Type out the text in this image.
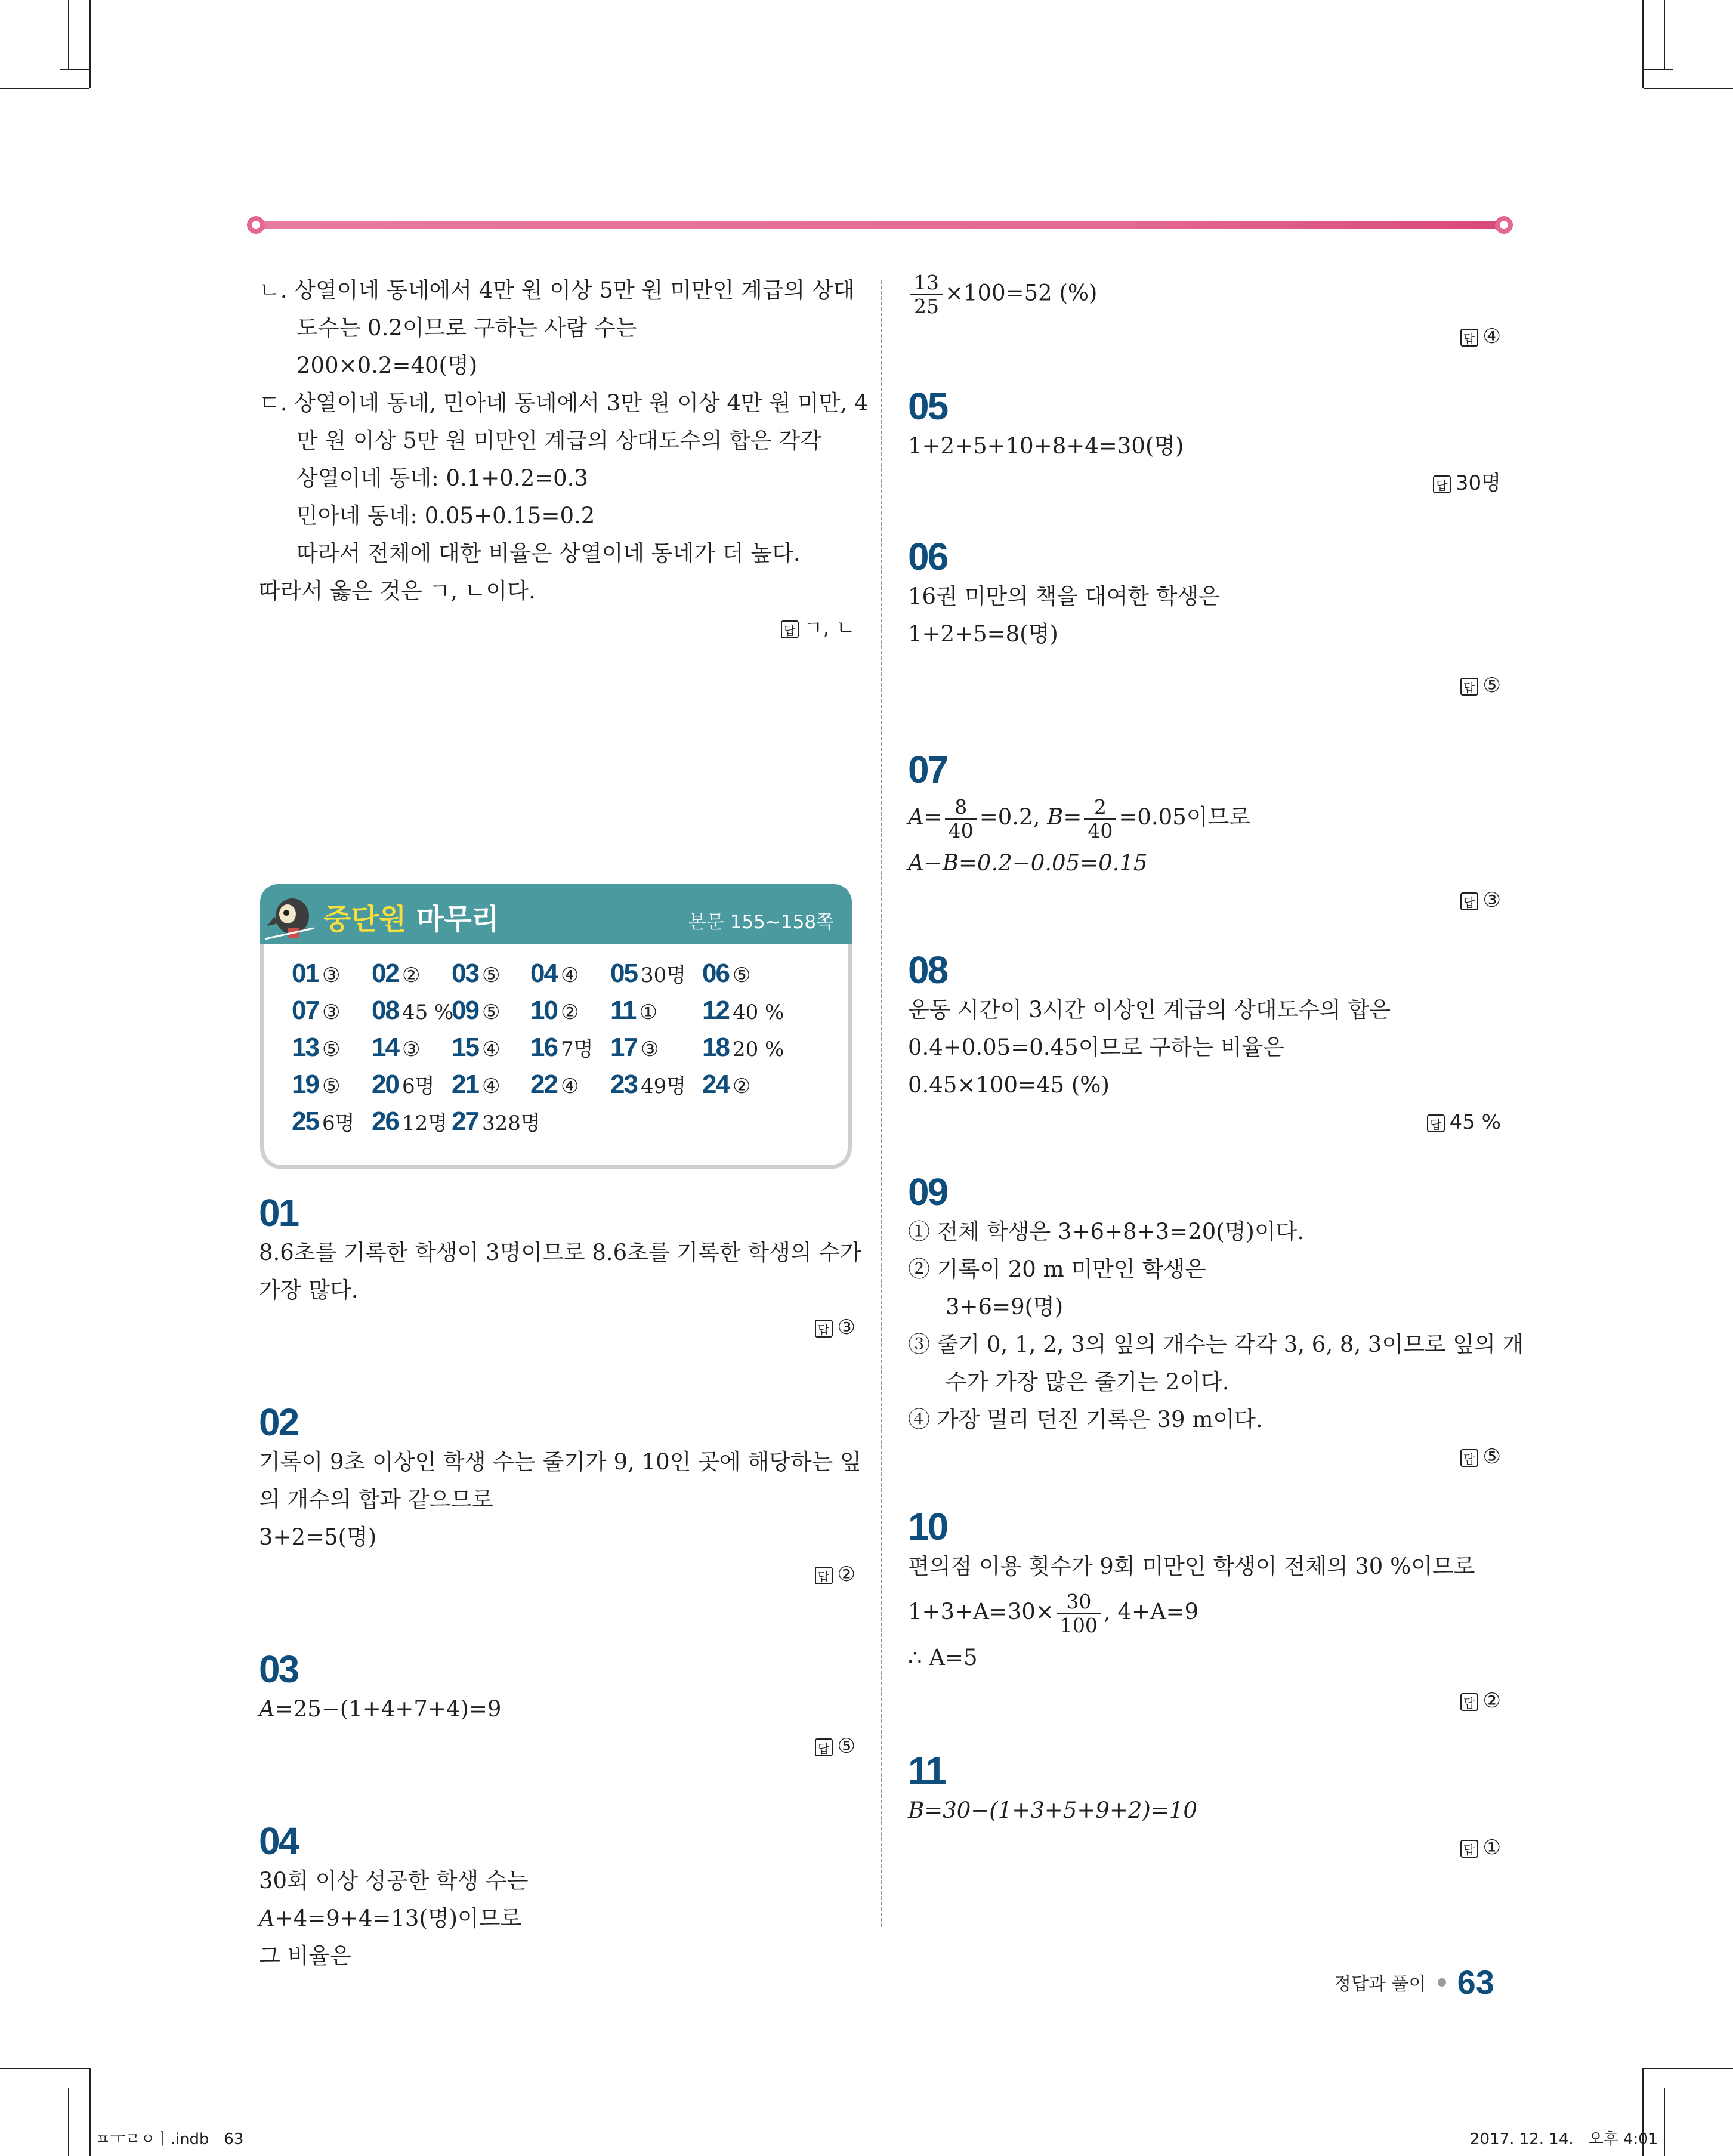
ㄴ. 상열이네 동네에서 4만 원 이상 5만 원 미만인 계급의 상대

도수는 0.2이므로 구하는 사람 수는

200×0.2=40(명)

ㄷ. 상열이네 동네, 민아네 동네에서 3만 원 이상 4만 원 미만, 4

만 원 이상 5만 원 미만인 계급의 상대도수의 합은 각각

상열이네 동네: 0.1+0.2=0.3

민아네 동네: 0.05+0.15=0.2

따라서 전체에 대한 비율은 상열이네 동네가 더 높다.

따라서 옳은 것은 ㄱ, ㄴ이다.

답 ㄱ, ㄴ
중단원 마무리	본문 155~158쪽
01 ③ 02 ② 03 ⑤ 04 ④ 05 30명 06 ⑤
07 ③ 08 45 %
09 ⑤ 10 ② 11 ① 12 40 %
13 ⑤ 14 ③ 15 ④ 16 7명 17 ③ 18 20 %
19 ⑤ 20 6명 21 ④ 22 ④ 23 49명 24 ②
25 6명 26 12명 27 328명

01

8.6초를 기록한 학생이 3명이므로 8.6초를 기록한 학생의 수가

가장 많다.

답 ③

02

기록이 9초 이상인 학생 수는 줄기가 9, 10인 곳에 해당하는 잎

의 개수의 합과 같으므로

3+2=5(명)

답 ②

03

A=25−(1+4+7+4)=9

답 ⑤

04

30회 이상 성공한 학생 수는

A+4=9+4=13(명)이므로

그 비율은

$\frac{13}{25} \times 100=52$ (%)

답 ④

05

1+2+5+10+8+4=30(명)

답 30명

06

16권 미만의 책을 대여한 학생은

1+2+5=8(명)

답 ⑤

07

$A= \frac{8}{40} =0.2$, $B= \frac{2}{40} =0.05$이므로

A−B=0.2−0.05=0.15

답 ③

08

운동 시간이 3시간 이상인 계급의 상대도수의 합은

0.4+0.05=0.45이므로 구하는 비율은

0.45×100=45 (%)

답 45 %

09

① 전체 학생은 3+6+8+3=20(명)이다.

② 기록이 20 m 미만인 학생은

3+6=9(명)

③ 줄기 0, 1, 2, 3의 잎의 개수는 각각 3, 6, 8, 3이므로 잎의 개

수가 가장 많은 줄기는 2이다.

④ 가장 멀리 던진 기록은 39 m이다.

답 ⑤

10

편의점 이용 횟수가 9회 미만인 학생이 전체의 30 %이므로

$1+3+A=30\times \frac{30}{100}$ , 4+A=9

∴ A=5

답 ②

11

B=30−(1+3+5+9+2)=10

답 ①
정답과 풀이 63
ㅍㅜㄹㅇㅣ.indb   63	2017. 12. 14.   오후 4:01
